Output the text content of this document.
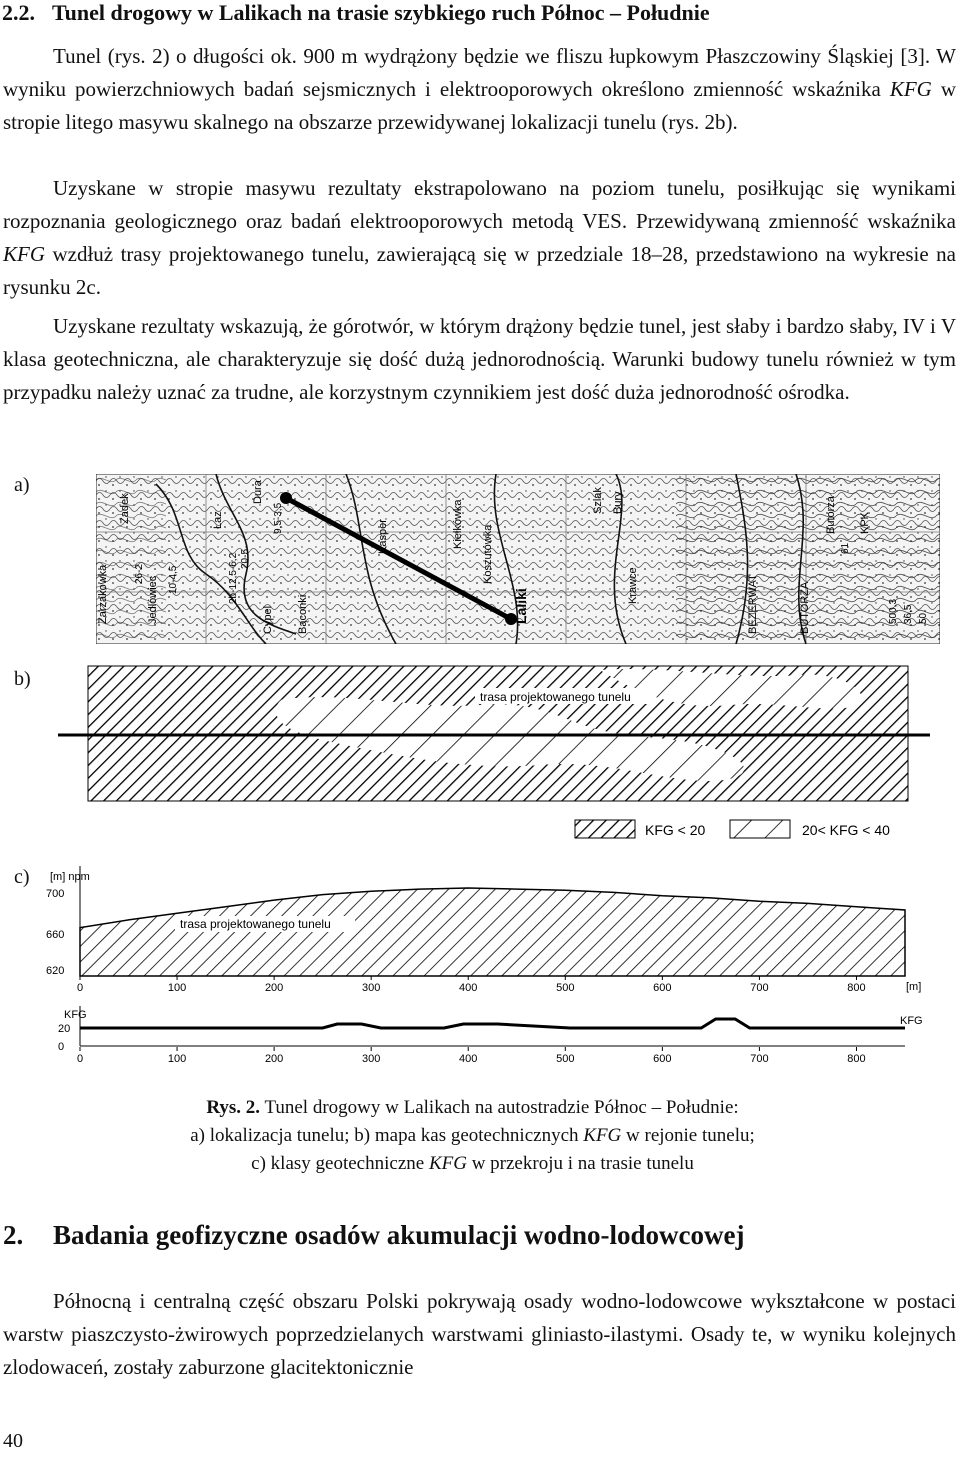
2.2. Tunel drogowy w Lalikach na trasie szybkiego ruch Północ – Południe

Tunel (rys. 2) o długości ok. 900 m wydrążony będzie we fliszu łupkowym Płaszczowiny Śląskiej [3]. W wyniku powierzchniowych badań sejsmicznych i elektrooporowych określono zmienność wskaźnika KFG w stropie litego masywu skalnego na obszarze przewidywanej lokalizacji tunelu (rys. 2b).

Uzyskane w stropie masywu rezultaty ekstrapolowano na poziom tunelu, posiłkując się wynikami rozpoznania geologicznego oraz badań elektrooporowych metodą VES. Przewidywaną zmienność wskaźnika KFG wzdłuż trasy projektowanego tunelu, zawierającą się w przedziale 18–28, przedstawiono na wykresie na rysunku 2c.

Uzyskane rezultaty wskazują, że górotwór, w którym drążony będzie tunel, jest słaby i bardzo słaby, IV i V klasa geotechniczna, ale charakteryzuje się dość dużą jednorodnością. Warunki budowy tunelu również w tym przypadku należy uznać za trudne, ale korzystnym czynnikiem jest dość duża jednorodność ośrodka.

a)
b)
c)
Zarzakowka
Zadek	Łaz
Dura
Jedlówiec	Cypel Bąconki
Kasper	Kiełkówka
Koszutówka
Szlak Bury
Krawce
Laliki	BEZERWAT	BUTORZA
Butorza KPK
10-4,5
26-2	2b-12,5-6,2 20-5
9,5-3,5
61
500,3 36,5 50
trasa projektowanego tunelu
KFG < 20	20< KFG < 40
[m] npm
700
660
620
0	100	200	300	400	500	600	700	800	[m]
trasa projektowanego tunelu
KFG
20
0
KFG
0	100	200	300	400	500	600	700	800
Rys. 2. Tunel drogowy w Lalikach na autostradzie Północ – Południe:
a) lokalizacja tunelu; b) mapa kas geotechnicznych KFG w rejonie tunelu;
c) klasy geotechniczne KFG w przekroju i na trasie tunelu
2. Badania geofizyczne osadów akumulacji wodno-lodowcowej

Północną i centralną część obszaru Polski pokrywają osady wodno-lodowcowe wykształcone w postaci warstw piaszczysto-żwirowych poprzedzielanych warstwami gliniasto-ilastymi. Osady te, w wyniku kolejnych zlodowaceń, zostały zaburzone glacitektonicznie

40
